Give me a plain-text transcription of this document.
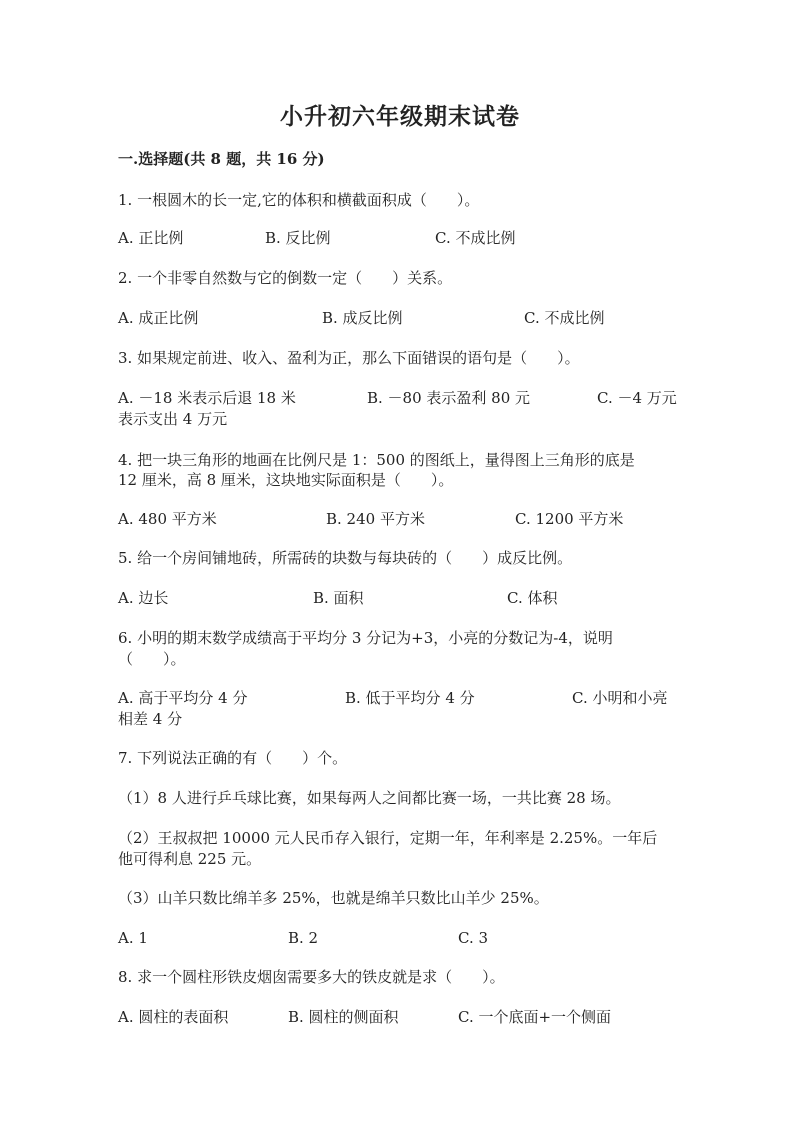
小升初六年级期末试卷
一.选择题(共 8 题，共 16 分)
1. 一根圆木的长一定,它的体积和横截面积成（　　）。
A. 正比例	B. 反比例	C. 不成比例
2. 一个非零自然数与它的倒数一定（　　）关系。
A. 成正比例	B. 成反比例	C. 不成比例
3. 如果规定前进、收入、盈利为正，那么下面错误的语句是（　　）。
A. －18 米表示后退 18 米	B. －80 表示盈利 80 元	C. －4 万元
表示支出 4 万元
4. 把一块三角形的地画在比例尺是 1：500 的图纸上，量得图上三角形的底是
12 厘米，高 8 厘米，这块地实际面积是（　　）。
A. 480 平方米	B. 240 平方米	C. 1200 平方米
5. 给一个房间铺地砖，所需砖的块数与每块砖的（　　）成反比例。
A. 边长	B. 面积	C. 体积
6. 小明的期末数学成绩高于平均分 3 分记为+3，小亮的分数记为-4，说明
（　　）。
A. 高于平均分 4 分	B. 低于平均分 4 分	C. 小明和小亮
相差 4 分
7. 下列说法正确的有（　　）个。
（1）8 人进行乒乓球比赛，如果每两人之间都比赛一场，一共比赛 28 场。
（2）王叔叔把 10000 元人民币存入银行，定期一年，年利率是 2.25%。一年后
他可得利息 225 元。
（3）山羊只数比绵羊多 25%，也就是绵羊只数比山羊少 25%。
A. 1	B. 2	C. 3
8. 求一个圆柱形铁皮烟囱需要多大的铁皮就是求（　　）。
A. 圆柱的表面积	B. 圆柱的侧面积	C. 一个底面+一个侧面
